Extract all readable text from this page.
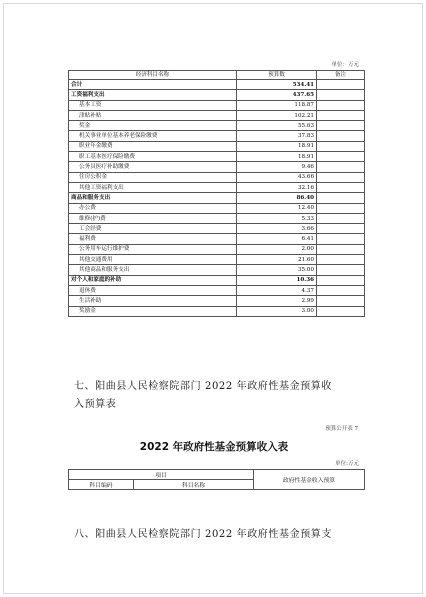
单位：万元
经济科目名称	预算数	备注
合计	534.41	
工资福利支出	437.65	
基本工资	118.87	
津贴补贴	102.21	
奖金	55.63	
机关事业单位基本养老保险缴费	37.83	
职业年金缴费	18.91	
职工基本医疗保险缴费	18.91	
公务员医疗补助缴费	9.46	
住房公积金	43.66	
其他工资福利支出	32.16	
商品和服务支出	86.40	
办公费	12.40	
维修(护)费	5.33	
工会经费	3.66	
福利费	6.41	
公务用车运行维护费	2.00	
其他交通费用	21.60	
其他商品和服务支出	35.00	
对个人和家庭的补助	10.36	
退休费	4.37	
生活补助	2.99	
奖励金	3.00	
七、阳曲县人民检察院部门 2022 年政府性基金预算收
入预算表
预算公开表 7
2022 年政府性基金预算收入表
单位:万元
项目		政府性基金收入预算
科目编码	科目名称	
八、阳曲县人民检察院部门 2022 年政府性基金预算支
